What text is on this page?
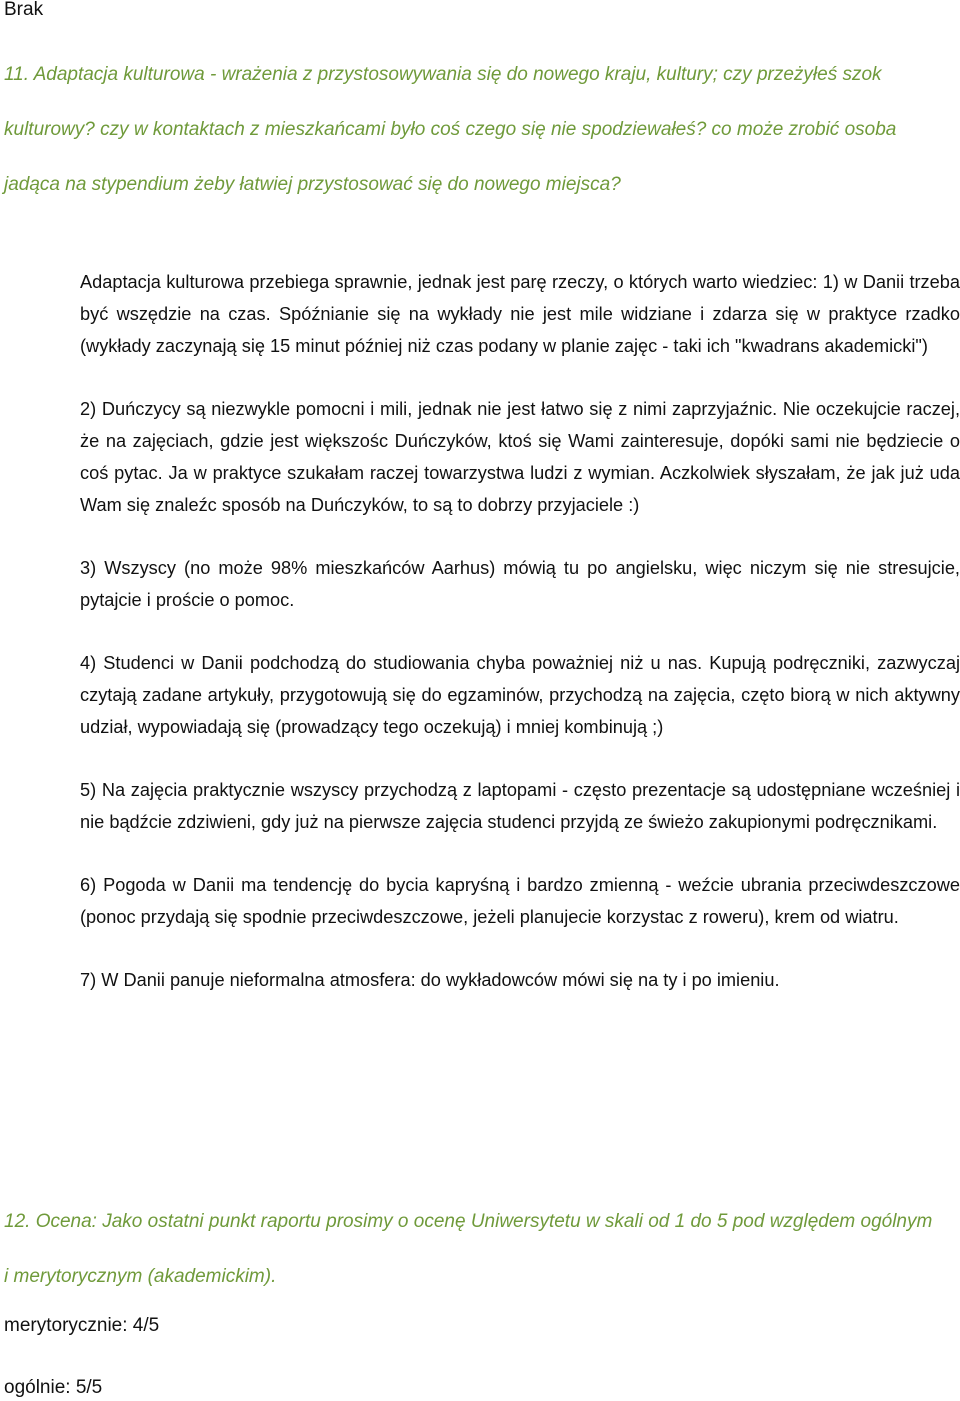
Brak
11. Adaptacja kulturowa - wrażenia z przystosowywania się do nowego kraju, kultury; czy przeżyłeś szok kulturowy? czy w kontaktach z mieszkańcami było coś czego się nie spodziewałeś? co może zrobić osoba jadąca na stypendium żeby łatwiej przystosować się do nowego miejsca?

Adaptacja kulturowa przebiega sprawnie, jednak jest parę rzeczy, o których warto wiedziec: 1) w Danii trzeba być wszędzie na czas. Spóźnianie się na wykłady nie jest mile widziane i zdarza się w praktyce rzadko (wykłady zaczynają się 15 minut później niż czas podany w planie zajęc - taki ich "kwadrans akademicki")

2) Duńczycy są niezwykle pomocni i mili, jednak nie jest łatwo się z nimi zaprzyjaźnic. Nie oczekujcie raczej, że na zajęciach, gdzie jest większośc Duńczyków, ktoś się Wami zainteresuje, dopóki sami nie będziecie o coś pytac. Ja w praktyce szukałam raczej towarzystwa ludzi z wymian. Aczkolwiek słyszałam, że jak już uda Wam się znaleźc sposób na Duńczyków, to są to dobrzy przyjaciele :)

3) Wszyscy (no może 98% mieszkańców Aarhus) mówią tu po angielsku, więc niczym się nie stresujcie, pytajcie i proście o pomoc.

4) Studenci w Danii podchodzą do studiowania chyba poważniej niż u nas. Kupują podręczniki, zazwyczaj czytają zadane artykuły, przygotowują się do egzaminów, przychodzą na zajęcia, częto biorą w nich aktywny udział, wypowiadają się (prowadzący tego oczekują) i mniej kombinują ;)

5) Na zajęcia praktycznie wszyscy przychodzą z laptopami - często prezentacje są udostępniane wcześniej i nie bądźcie zdziwieni, gdy już na pierwsze zajęcia studenci przyjdą ze świeżo zakupionymi podręcznikami.

6) Pogoda w Danii ma tendencję do bycia kapryśną i bardzo zmienną - weźcie ubrania przeciwdeszczowe (ponoc przydają się spodnie przeciwdeszczowe, jeżeli planujecie korzystac z roweru), krem od wiatru.

7) W Danii panuje nieformalna atmosfera: do wykładowców mówi się na ty i po imieniu.

12. Ocena: Jako ostatni punkt raportu prosimy o ocenę Uniwersytetu w skali od 1 do 5 pod względem ogólnym i merytorycznym (akademickim).
merytorycznie: 4/5
ogólnie: 5/5
